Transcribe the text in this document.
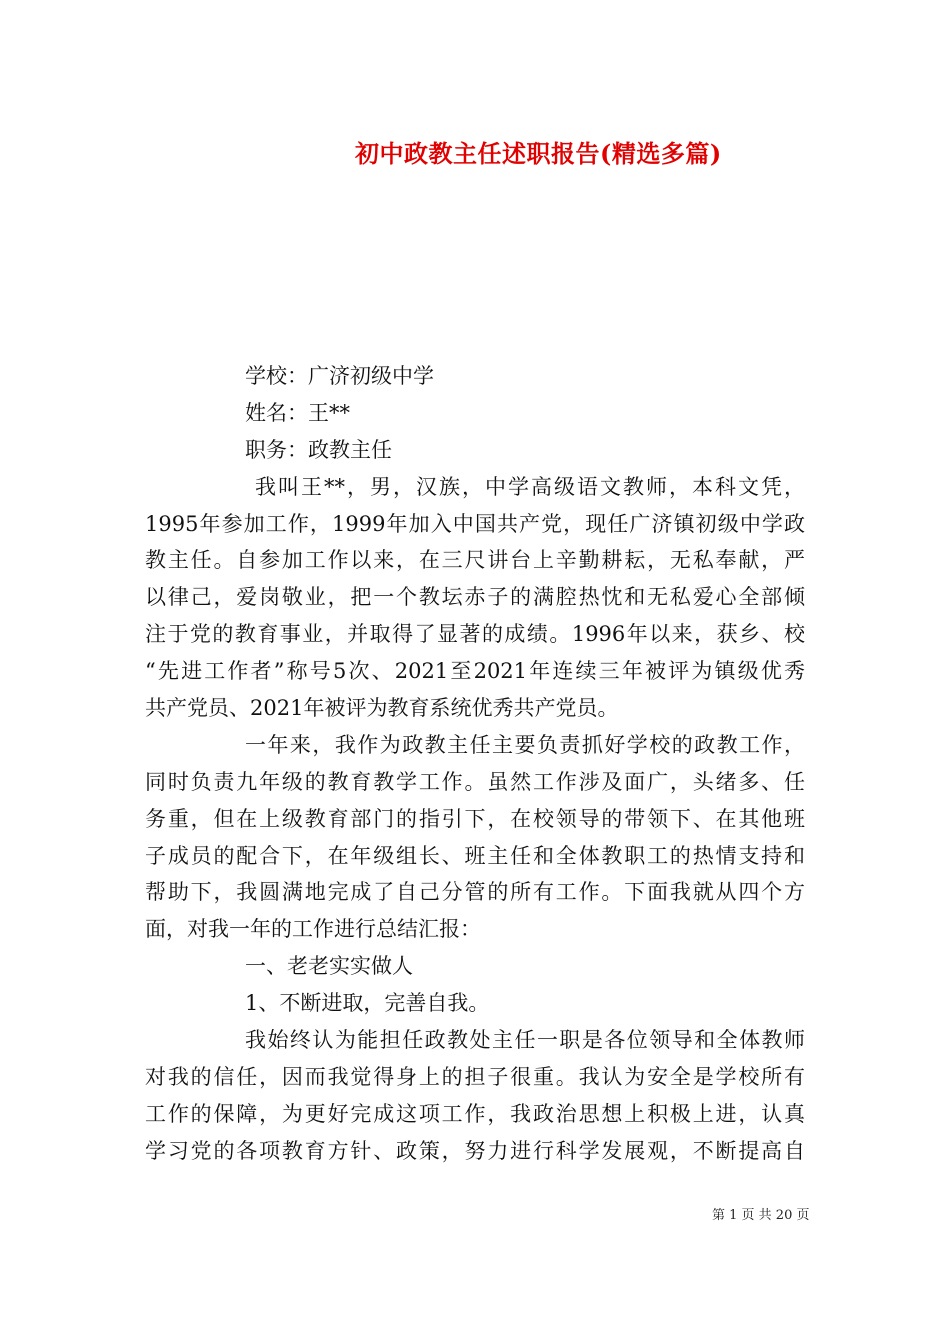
初中政教主任述职报告(精选多篇)
学校：广济初级中学
姓名：王**
职务：政教主任
我叫王**，男，汉族，中学高级语文教师，本科文凭，
1995年参加工作，1999年加入中国共产党，现任广济镇初级中学政
教主任。自参加工作以来，在三尺讲台上辛勤耕耘，无私奉献，严
以律己，爱岗敬业，把一个教坛赤子的满腔热忱和无私爱心全部倾
注于党的教育事业，并取得了显著的成绩。1996年以来，获乡、校
“先进工作者”称号5次、2021至2021年连续三年被评为镇级优秀
共产党员、2021年被评为教育系统优秀共产党员。
一年来，我作为政教主任主要负责抓好学校的政教工作，
同时负责九年级的教育教学工作。虽然工作涉及面广，头绪多、任
务重，但在上级教育部门的指引下，在校领导的带领下、在其他班
子成员的配合下，在年级组长、班主任和全体教职工的热情支持和
帮助下，我圆满地完成了自己分管的所有工作。下面我就从四个方
面，对我一年的工作进行总结汇报：
一、老老实实做人
1、不断进取，完善自我。
我始终认为能担任政教处主任一职是各位领导和全体教师
对我的信任，因而我觉得身上的担子很重。我认为安全是学校所有
工作的保障，为更好完成这项工作，我政治思想上积极上进，认真
学习党的各项教育方针、政策，努力进行科学发展观，不断提高自
第 1 页 共 20 页
